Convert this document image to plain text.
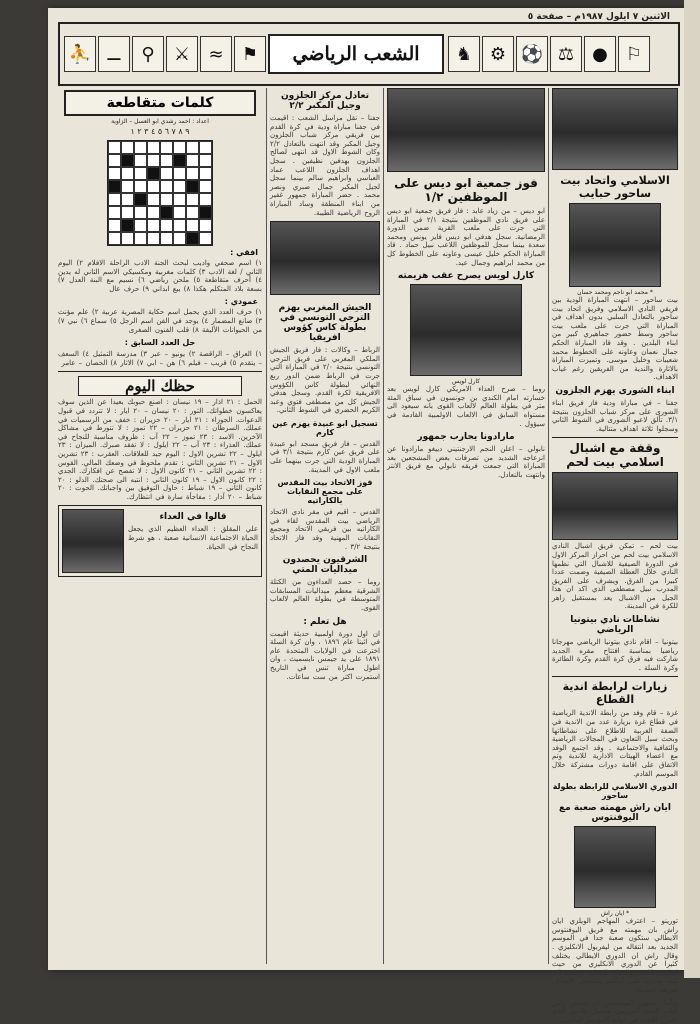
الاثنين ٧ ايلول ١٩٨٧م – صفحة ٥
⛹ ⚊	⚲	⚔	≈	⚑	الشعب الرياضي	♞ ⚙ ⚽ ⚖	●	⚐
كلمات متقاطعة
اعداد : احمد رشدي ابو العسل – الزاوية
٩ ٨ ٧ ٦ ٥ ٤ ٣ ٢ ١

افقي :

١) اسم صحفي واديب لبحث الجنة الادب الراحلة الافلام ٢) اليوم الثاني / لغة الادب ٣) كلمات مغربية ومكسيكي الاسم الثاني له يدين ٤) أحرف متقاطعة ٥) ملحن رياضي ٦) نسيم مع البنة العدل ٧) بسعة بلاد المتكلم هكذا ٨) بيع ابداني ٩) حرف عال

عمودي :

١) حرف العدد الذي يحمل اسم حكاية المصرية عربية ٢) علم مؤنث ٣) صانع المضمار ٤) يوجد في الفن اسم الرجل ٥) سماع ٦) نبي ٧) من الحيوانات الأليفة ٨) قلب الفنون الصغرى

حل العدد السابق :

١) العراق – الراقصة ٢) يونيو – عبر ٣) مدرسة التمثيل ٤) السعف – يتقدم ٥) قريب – فيلم ٦) هن – ابي ٧) الاثار ٨) الحصان – عامر

حظك اليوم

الحمل : ٢١ اذار – ١٩ نيسان : اصنع حبوبك بعيدا عن الذين سوف يعاكسون خطواتك. الثور : ٢٠ نيسان – ٢٠ ايار : لا تتردد في قبول الدعوات. الجوزاء : ٢١ ايار – ٢٠ حزيران : خفف من الرسميات في عملك. السرطان : ٢١ حزيران – ٢٢ تموز : لا تتورط في مشاكل الآخرين. الاسد : ٢٣ تموز – ٢٢ آب : ظروف مناسبة للنجاح في عملك. العذراء : ٢٣ آب – ٢٢ ايلول : لا تفقد صبرك. الميزان : ٢٣ ايلول – ٢٢ تشرين الاول : اليوم جيد للعلاقات. العقرب : ٢٣ تشرين الاول – ٢١ تشرين الثاني : تقدم ملحوظ في وضعك المالي. القوس : ٢٢ تشرين الثاني – ٢١ كانون الاول : لا تفصح عن افكارك. الجدي : ٢٢ كانون الاول – ١٩ كانون الثاني : انتبه الى صحتك. الدلو : ٢٠ كانون الثاني – ١٩ شباط : حاول التوفيق بين واجباتك. الحوت : ٢٠ شباط – ٢٠ آذار : مفاجأة سارة في انتظارك.

قالوا في العداء

علي المقلق : العداء العظيم الذي يجعل الحياة الاجتماعية الانسانية صعبة ، هو شرط النجاح في الحياة.

تعادل مركز الجلزون وجيل المكبر ٢/٢

جفنا – نقل مراسل الشعب : اقيمت في جفنا مباراة ودية في كرة القدم بين فريقي مركز شباب الجلزون وجيل المكبر وقد انتهت بالتعادل ٢/٢ وكان الشوط الاول قد انتهى لصالح الجلزون بهدفين نظيفين . سجل اهداف الجلزون اللاعب عماد العباسي وابراهيم سالم بينما سجل لجيل المكبر جمال صبري ونصر محمد . حضر المباراة جمهور غفير من ابناء المنطقة وساد المباراة الروح الرياضية الطيبة.

الجيش المغربي يهزم الترجي التونسي في بطولة كاس كؤوس افريقيا

الرباط – وكالات : فاز فريق الجيش الملكي المغربي على فريق الترجي التونسي بنتيجة ٢/٠ في المباراة التي جرت في الرباط ضمن الدور ربع النهائي لبطولة كاس الكؤوس الافريقية لكرة القدم. وسجل هدفي الجيش كل من مصطفى فتوي وعبد الكريم الحضري في الشوط الثاني.

تسجيل ابو عبيدة يهزم عين كارم

القدس – فاز فريق مسجد ابو عبيدة على فريق عين كارم بنتيجة ٣/١ في المباراة الودية التي جرت بينهما على ملعب الاول في المدينة.

فوز الاتحاد بيت المقدس على مجمع النقابات بالكاراتيه

القدس – اقيم في مقر نادي الاتحاد الرياضي بيت المقدس لقاء في الكاراتيه بين فريقي الاتحاد ومجمع النقابات المهنية وقد فاز الاتحاد بنتيجة ٣/٢ .

الشرقيون يحصدون ميداليات المتي

روما – حصد العداءون من الكتلة الشرقية معظم ميداليات المسابقات المتوسطة في بطولة العالم لالعاب القوى.

هل تعلم :

ان اول دورة اولمبية حديثة اقيمت في اثينا عام ١٨٩٦ ، وان كرة السلة اخترعت في الولايات المتحدة عام ١٨٩١ على يد جيمس نايسميث ، وان اطول مباراة تنس في التاريخ استمرت اكثر من ست ساعات.

فوز جمعية ابو ديس على الموظفين ١/٢

ابو ديس – من زياد عابد : فاز فريق جمعية ابو ديس على فريق نادي الموظفين بنتيجة ٢/١ في المباراة التي جرت على ملعب القرية ضمن الدورة الرمضانية. سجل هدفي ابو ديس فايز يونس ومحمد سعدة بينما سجل للموظفين اللاعب نبيل حماد . قاد المباراة الحكم خليل عيسى وعاونه على الخطوط كل من محمد ابراهيم وجمال عيد.

كارل لويس يصرح عقب هزيمته
كارل لويس

روما – صرح العداء الامريكي كارل لويس بعد خسارته امام الكندي بن جونسون في سباق المئة متر في بطولة العالم لالعاب القوى بانه سيعود الى مستواه السابق في الالعاب الاولمبية القادمة في سيؤول .

مارادونا يحارب جمهور

نابولي – اعلن النجم الارجنتيني دييغو مارادونا عن انزعاجه الشديد من تصرفات بعض المشجعين بعد المباراة التي جمعت فريقه نابولي مع فريق الانتر وانتهت بالتعادل.

الاسلامي واتحاد بيت ساحور حبايب
* محمد ابو ناجم ومحمد حسان

بيت ساحور – انتهت المباراة الودية بين فريقي النادي الاسلامي وفريق اتحاد بيت ساحور بالتعادل السلبي بدون اهداف في المباراة التي جرت على ملعب بيت ساحور وسط حضور جماهيري كبير من ابناء البلدين . وقد قاد المباراة الحكم جمال نعمان وعاونه على الخطوط محمد شعيبات وخليل موسى. وتميزت المباراة بالاثارة والندية من الفريقين رغم غياب الاهداف.

ابناء الشورى يهزم الجلزون

جفنا – في مباراة ودية فاز فريق ابناء الشورى على مركز شباب الجلزون بنتيجة ٣/١. تألق لاعبو الشورى في الشوط الثاني وسجلوا ثلاثة اهداف متتالية.

وقفة مع اشبال اسلامي بيت لحم

بيت لحم – تمكن فريق اشبال النادي الاسلامي بيت لحم من احراز المركز الاول في الدورة الصيفية للاشبال التي نظمها النادي خلال العطلة الصيفية وضمت عددا كبيرا من الفرق. ويشرف على الفريق المدرب نبيل مصطفى الذي اكد ان هذا الجيل من الاشبال يعد بمستقبل زاهر للكرة في المدينة.

نشاطات نادي بيتونيا الرياضي

بيتونيا – اقام نادي بيتونيا الرياضي مهرجانا رياضيا بمناسبة افتتاح مقره الجديد شاركت فيه فرق كرة القدم وكرة الطائرة وكرة السلة .

زيارات لرابطة اندية القطاع

غزة – قام وفد من رابطة الاندية الرياضية في قطاع غزة بزيارة عدد من الاندية في الضفة الغربية للاطلاع على نشاطاتها وبحث سبل التعاون في المجالات الرياضية والثقافية والاجتماعية . وقد اجتمع الوفد مع اعضاء الهيئات الادارية للاندية وتم الاتفاق على اقامة دورات مشتركة خلال الموسم القادم.

الدوري الاسلامي للرابطة بطولة ساحور
ايان راش مهمته صعبة مع اليوفنتوس
* ايان راش

تورينو – اعترف المهاجم الويلزي ايان راش بان مهمته مع فريق اليوفنتوس الايطالي ستكون صعبة جدا في الموسم الجديد بعد انتقاله من ليفربول الانكليزي . وقال راش ان الدوري الايطالي يختلف كثيرا عن الدوري الانكليزي من حيث اسلوب اللعب والدفاع المحكم ، لكنه اكد ثقته بقدرته على التأقلم وتسجيل الاهداف لفريقه الجديد.

ويأمل جمهور اليوفنتوس ان يعوض راش غياب النجم الفرنسي ميشيل بلاتيني الذي اعتزل اللعب في نهاية الموسم الماضي.
